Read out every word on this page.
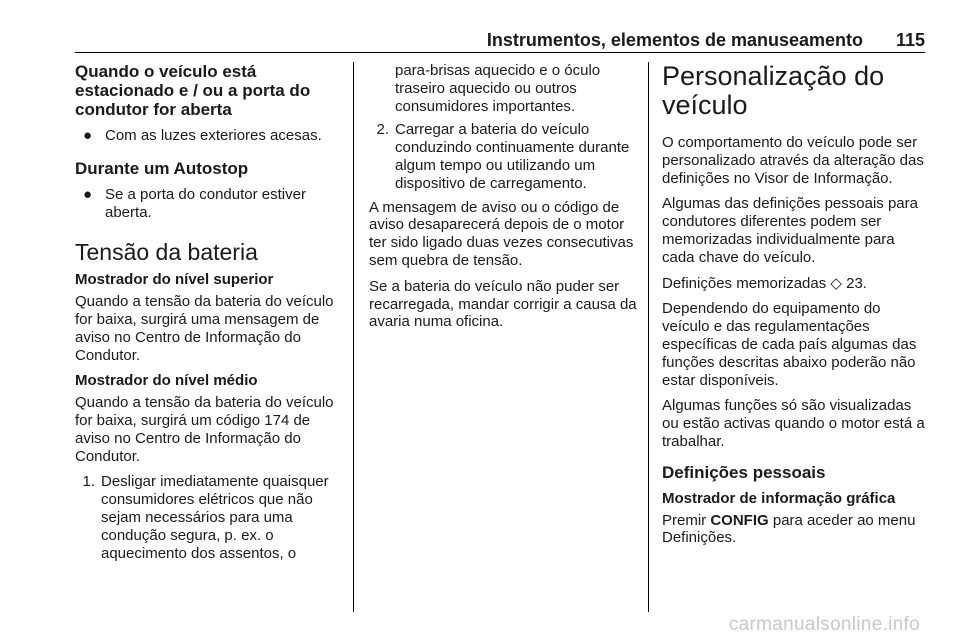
Instrumentos, elementos de manuseamento 115
Quando o veículo está estacionado e / ou a porta do condutor for aberta
● Com as luzes exteriores acesas.
Durante um Autostop
● Se a porta do condutor estiver aberta.
Tensão da bateria
Mostrador do nível superior

Quando a tensão da bateria do veículo for baixa, surgirá uma mensagem de aviso no Centro de Informação do Condutor.

Mostrador do nível médio

Quando a tensão da bateria do veículo for baixa, surgirá um código 174 de aviso no Centro de Informação do Condutor.

1. Desligar imediatamente quaisquer consumidores elétricos que não sejam necessários para uma condução segura, p. ex. o aquecimento dos assentos, o
para-brisas aquecido e o óculo traseiro aquecido ou outros consumidores importantes.
2. Carregar a bateria do veículo conduzindo continuamente durante algum tempo ou utilizando um dispositivo de carregamento.

A mensagem de aviso ou o código de aviso desaparecerá depois de o motor ter sido ligado duas vezes consecutivas sem quebra de tensão.

Se a bateria do veículo não puder ser recarregada, mandar corrigir a causa da avaria numa oficina.

Personalização do veículo

O comportamento do veículo pode ser personalizado através da alteração das definições no Visor de Informação.

Algumas das definições pessoais para condutores diferentes podem ser memorizadas individualmente para cada chave do veículo.

Definições memorizadas ◇ 23.

Dependendo do equipamento do veículo e das regulamentações específicas de cada país algumas das funções descritas abaixo poderão não estar disponíveis.

Algumas funções só são visualizadas ou estão activas quando o motor está a trabalhar.

Definições pessoais
Mostrador de informação gráfica

Premir CONFIG para aceder ao menu Definições.

carmanualsonline.info
